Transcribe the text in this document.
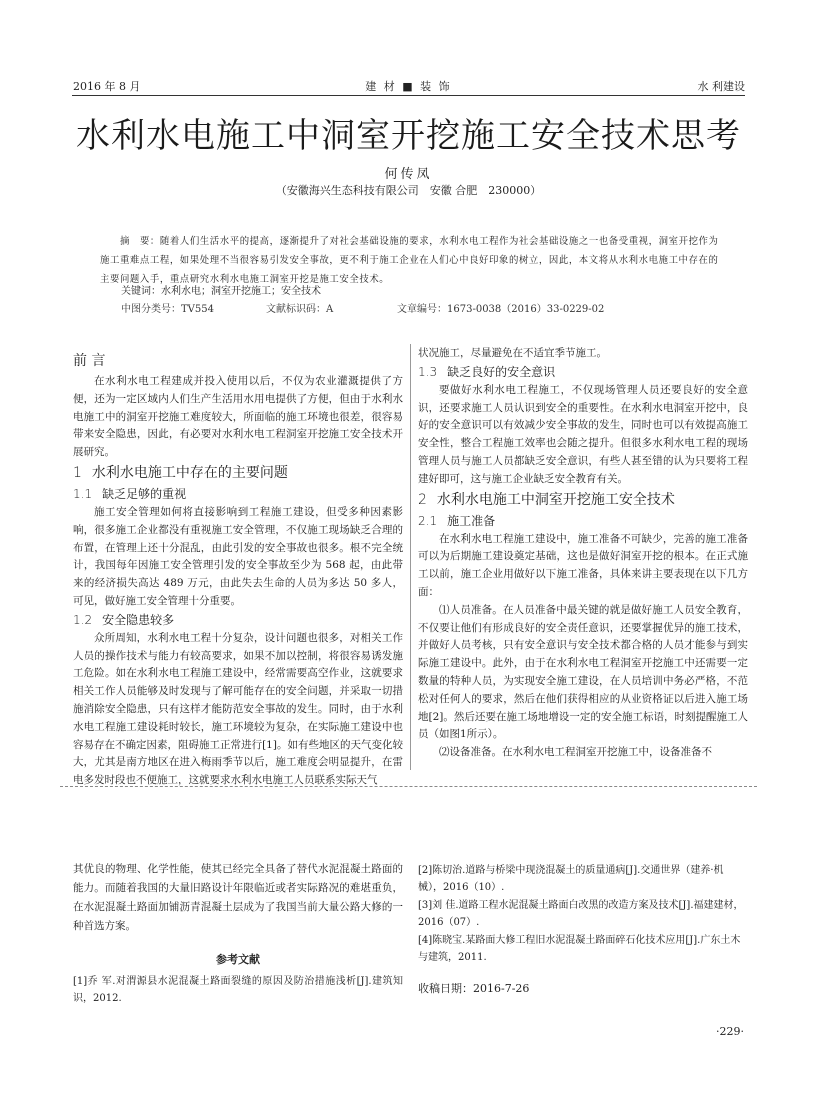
2016 年 8 月	建 材 ■ 装 饰	水 利建设
水利水电施工中洞室开挖施工安全技术思考
何传凤
（安徽海兴生态科技有限公司　安徽 合肥　230000）

摘　要：随着人们生活水平的提高，逐渐提升了对社会基础设施的要求，水利水电工程作为社会基础设施之一也备受重视，洞室开挖作为施工重难点工程，如果处理不当很容易引发安全事故，更不利于施工企业在人们心中良好印象的树立，因此，本文将从水利水电施工中存在的主要问题入手，重点研究水利水电施工洞室开挖是施工安全技术。

关键词：水利水电；洞室开挖施工；安全技术
中图分类号：TV554	文献标识码：A	文章编号：1673-0038（2016）33-0229-02
前 言

在水利水电工程建成并投入使用以后，不仅为农业灌溉提供了方便，还为一定区域内人们生产生活用水用电提供了方便，但由于水利水电施工中的洞室开挖施工难度较大，所面临的施工环境也很差，很容易带来安全隐患，因此，有必要对水利水电工程洞室开挖施工安全技术开展研究。

1 水利水电施工中存在的主要问题
1.1 缺乏足够的重视

施工安全管理如何将直接影响到工程施工建设，但受多种因素影响，很多施工企业都没有重视施工安全管理，不仅施工现场缺乏合理的布置，在管理上还十分混乱，由此引发的安全事故也很多。根不完全统计，我国每年因施工安全管理引发的安全事故至少为 568 起，由此带来的经济损失高达 489 万元，由此失去生命的人员为多达 50 多人，可见，做好施工安全管理十分重要。

1.2 安全隐患较多

众所周知，水利水电工程十分复杂，设计问题也很多，对相关工作人员的操作技术与能力有较高要求，如果不加以控制，将很容易诱发施工危险。如在水利水电工程施工建设中，经常需要高空作业，这就要求相关工作人员能够及时发现与了解可能存在的安全问题，并采取一切措施消除安全隐患，只有这样才能防范安全事故的发生。同时，由于水利水电工程施工建设耗时较长，施工环境较为复杂，在实际施工建设中也容易存在不确定因素，阻碍施工正常进行[1]。如有些地区的天气变化较大，尤其是南方地区在进入梅雨季节以后，施工难度会明显提升，在雷电多发时段也不便施工，这就要求水利水电施工人员联系实际天气

状况施工，尽量避免在不适宜季节施工。

1.3 缺乏良好的安全意识

要做好水利水电工程施工，不仅现场管理人员还要良好的安全意识，还要求施工人员认识到安全的重要性。在水利水电洞室开挖中，良好的安全意识可以有效减少安全事故的发生，同时也可以有效提高施工安全性，整合工程施工效率也会随之提升。但很多水利水电工程的现场管理人员与施工人员都缺乏安全意识，有些人甚至错的认为只要将工程建好即可，这与施工企业缺乏安全教育有关。

2 水利水电施工中洞室开挖施工安全技术
2.1 施工准备

在水利水电工程施工建设中，施工准备不可缺少，完善的施工准备可以为后期施工建设奠定基础，这也是做好洞室开挖的根本。在正式施工以前，施工企业用做好以下施工准备，具体来讲主要表现在以下几方面：

⑴人员准备。在人员准备中最关键的就是做好施工人员安全教育，不仅要让他们有形成良好的安全责任意识，还要掌握优异的施工技术，并做好人员考核，只有安全意识与安全技术都合格的人员才能参与到实际施工建设中。此外，由于在水利水电工程洞室开挖施工中还需要一定数量的特种人员，为实现安全施工建设，在人员培训中务必严格，不范松对任何人的要求，然后在他们获得相应的从业资格证以后进入施工场地[2]。然后还要在施工场地增设一定的安全施工标语，时刻提醒施工人员（如图1所示）。

⑵设备准备。在水利水电工程洞室开挖施工中，设备准备不

其优良的物理、化学性能，使其已经完全具备了替代水泥混凝土路面的能力。而随着我国的大量旧路设计年限临近或者实际路况的难堪重负，在水泥混凝土路面加铺沥青混凝土层成为了我国当前大量公路大修的一种首选方案。

参考文献

[1]乔 军.对渭源县水泥混凝土路面裂缝的原因及防治措施浅析[J].建筑知识，2012.

[2]陈切治.道路与桥梁中现浇混凝土的质量通病[J].交通世界（建养·机械），2016（10）.

[3]刘 佳.道路工程水泥混凝土路面白改黑的改造方案及技术[J].福建建材，2016（07）.

[4]陈晓宝.某路面大修工程旧水泥混凝土路面碎石化技术应用[J].广东土木与建筑，2011.

收稿日期：2016-7-26

·229·
